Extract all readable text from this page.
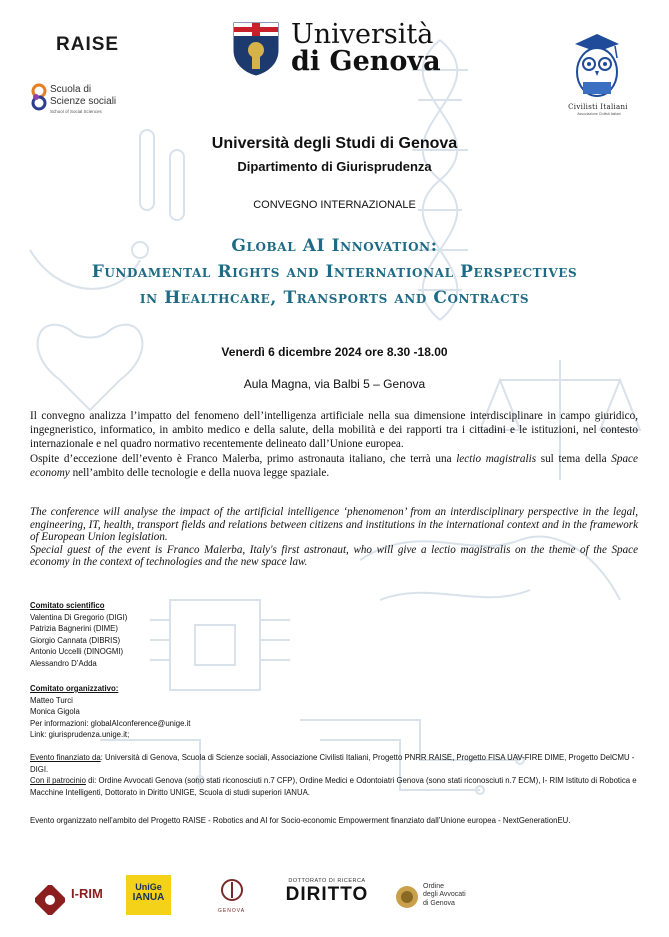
RAISE	Università
di Genova
Scuola di
Scienze sociali
School of Social Sciences
Civilisti Italiani
Associazione Civilisti Italiani
Università degli Studi di Genova
Dipartimento di Giurisprudenza
CONVEGNO INTERNAZIONALE
Global AI Innovation:
Fundamental Rights and International Perspectives
in Healthcare, Transports and Contracts
Venerdì 6 dicembre 2024 ore 8.30 -18.00
Aula Magna, via Balbi 5 – Genova

Il convegno analizza l’impatto del fenomeno dell’intelligenza artificiale nella sua dimensione interdisciplinare in campo giuridico, ingegneristico, informatico, in ambito medico e della salute, della mobilità e dei rapporti tra i cittadini e le istituzioni, nel contesto internazionale e nel quadro normativo recentemente delineato dall’Unione europea.

Ospite d’eccezione dell’evento è Franco Malerba, primo astronauta italiano, che terrà una lectio magistralis sul tema della Space economy nell’ambito delle tecnologie e della nuova legge spaziale.

The conference will analyse the impact of the artificial intelligence ‘phenomenon’ from an interdisciplinary perspective in the legal, engineering, IT, health, transport fields and relations between citizens and institutions in the international context and in the framework of European Union legislation.

Special guest of the event is Franco Malerba, Italy's first astronaut, who will give a lectio magistralis on the theme of the Space economy in the context of technologies and the new space law.

Comitato scientifico
Valentina Di Gregorio (DIGI)
Patrizia Bagnerini (DIME)
Giorgio Cannata (DIBRIS)
Antonio Uccelli (DINOGMI)
Alessandro D’Adda
Comitato organizzativo:
Matteo Turci
Monica Gigola
Per informazioni: globalAIconference@unige.it
Link: giurisprudenza.unige.it;
Evento finanziato da: Università di Genova, Scuola di Scienze sociali, Associazione Civilisti Italiani, Progetto PNRR RAISE, Progetto FISA UAV-FIRE DIME, Progetto DelCMU -DIGI.
Con il patrocinio di: Ordine Avvocati Genova (sono stati riconosciuti n.7 CFP), Ordine Medici e Odontoiatri Genova (sono stati riconosciuti n.7 ECM), I- RIM Istituto di Robotica e Macchine Intelligenti, Dottorato in Diritto UNIGE, Scuola di studi superiori IANUA.
Evento organizzato nell’ambito del Progetto RAISE - Robotics and AI for Socio-economic Empowerment finanziato dall’Unione europea - NextGenerationEU.
I-RIM	UniGe
IANUA
GENOVA
DOTTORATO DI RICERCA
DIRITTO	Ordine
degli Avvocati
di Genova
